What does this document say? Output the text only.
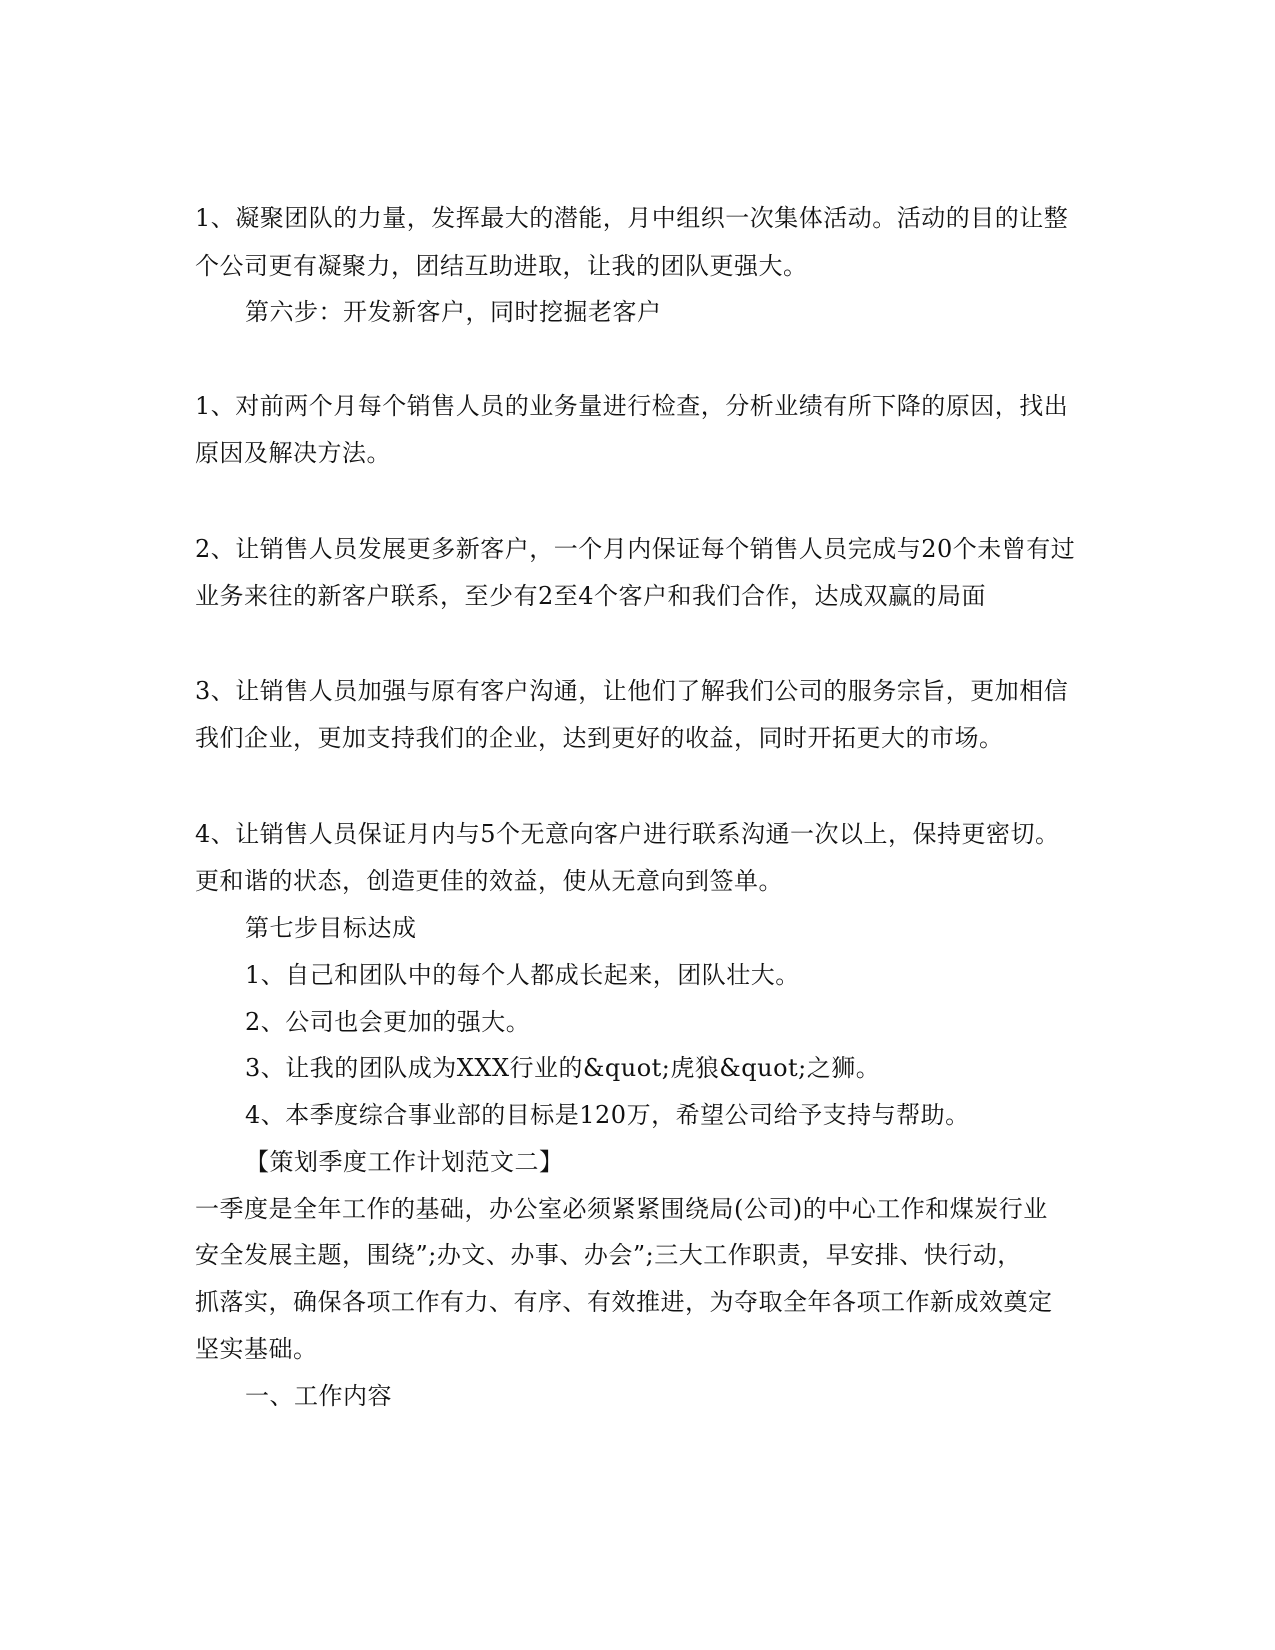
1、凝聚团队的力量，发挥最大的潜能，月中组织一次集体活动。活动的目的让整
个公司更有凝聚力，团结互助进取，让我的团队更强大。
第六步：开发新客户，同时挖掘老客户
1、对前两个月每个销售人员的业务量进行检查，分析业绩有所下降的原因，找出
原因及解决方法。
2、让销售人员发展更多新客户，一个月内保证每个销售人员完成与20个未曾有过
业务来往的新客户联系，至少有2至4个客户和我们合作，达成双赢的局面
3、让销售人员加强与原有客户沟通，让他们了解我们公司的服务宗旨，更加相信
我们企业，更加支持我们的企业，达到更好的收益，同时开拓更大的市场。
4、让销售人员保证月内与5个无意向客户进行联系沟通一次以上，保持更密切。
更和谐的状态，创造更佳的效益，使从无意向到签单。
第七步目标达成
1、自己和团队中的每个人都成长起来，团队壮大。
2、公司也会更加的强大。
3、让我的团队成为XXX行业的&quot;虎狼&quot;之狮。
4、本季度综合事业部的目标是120万，希望公司给予支持与帮助。
【策划季度工作计划范文二】
一季度是全年工作的基础，办公室必须紧紧围绕局(公司)的中心工作和煤炭行业
安全发展主题，围绕”;办文、办事、办会”;三大工作职责，早安排、快行动，
抓落实，确保各项工作有力、有序、有效推进，为夺取全年各项工作新成效奠定
坚实基础。
一、工作内容
